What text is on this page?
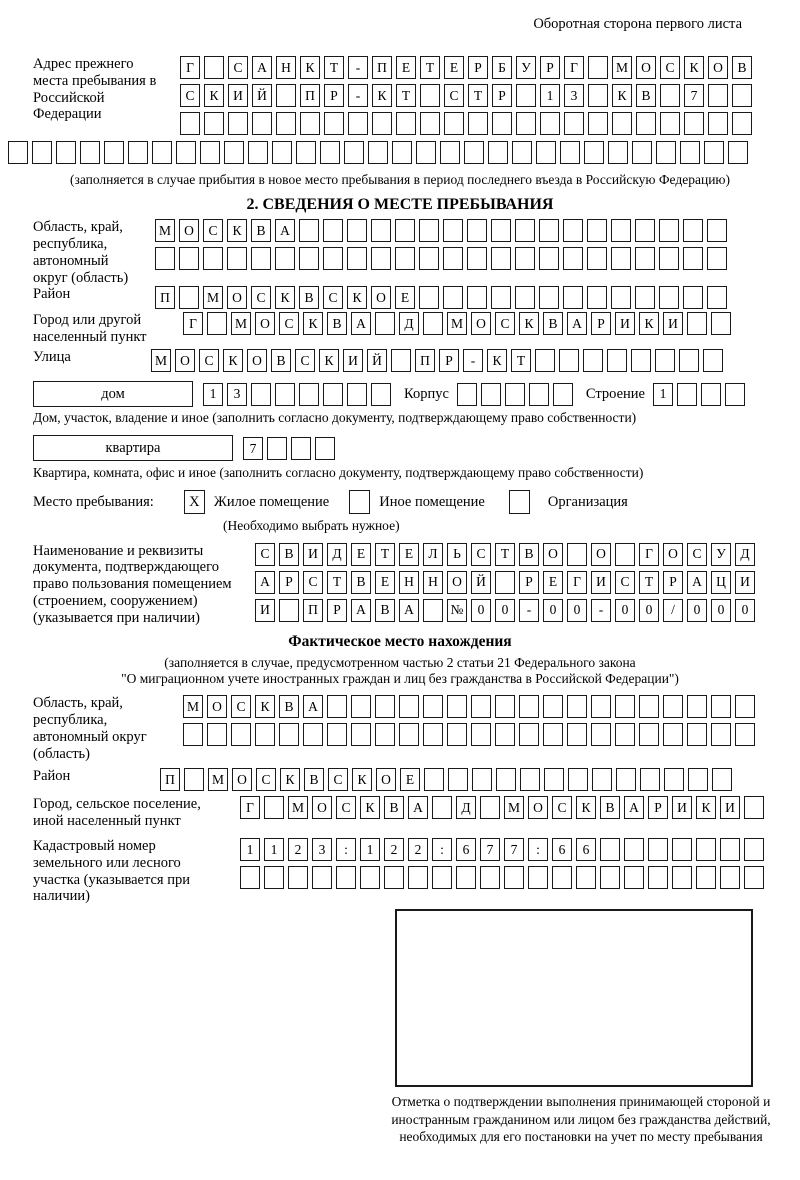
Оборотная сторона первого листа
Адрес прежнего места пребывания в Российской Федерации
Г	С	А	Н	К	Т	-	П	Е	Т	Е	Р	Б	У	Р	Г	М О	С	К	О	В
С	К	И	Й	П	Р	-	К	Т	С	Т	Р	1	3	К	В	7
(заполняется в случае прибытия в новое место пребывания в период последнего въезда в Российскую Федерацию)
2. СВЕДЕНИЯ О МЕСТЕ ПРЕБЫВАНИЯ
Область, край, республика, автономный округ (область)
М О	С	К	В	А
Район	П	М О	С	К	В	С	К	О	Е
Город или другой населенный пункт
Г	М О	С	К	В	А	Д	М О	С	К	В	А	Р	И	К	И
Улица	М О	С	К	О	В	С	К	И	Й	П	Р	-	К	Т
дом	1	3	Корпус	Строение	1
Дом, участок, владение и иное (заполнить согласно документу, подтверждающему право собственности)
квартира	7
Квартира, комната, офис и иное (заполнить согласно документу, подтверждающему право собственности)
Место пребывания:	X Жилое помещение	Иное помещение	Организация
(Необходимо выбрать нужное)
Наименование и реквизиты документа, подтверждающего право пользования помещением (строением, сооружением) (указывается при наличии)
С	В	И	Д	Е	Т	Е	Л	Ь	С	Т	В	О	О	Г	О	С	У	Д
А	Р	С	Т	В	Е	Н	Н	О	Й	Р	Е	Г	И	С	Т	Р	А	Ц	И
И	П	Р	А	В	А	№	0	0	-	0	0	-	0	0	/	0	0	0
Фактическое место нахождения
(заполняется в случае, предусмотренном частью 2 статьи 21 Федерального закона
"О миграционном учете иностранных граждан и лиц без гражданства в Российской Федерации")
Область, край, республика, автономный округ (область)
М О	С	К	В	А
Район	П	М О	С	К	В	С	К	О	Е
Город, сельское поселение, иной населенный пункт
Г	М О	С	К	В	А	Д	М О	С	К	В	А	Р	И	К	И
Кадастровый номер земельного или лесного участка (указывается при наличии)
1	1	2	3	:	1	2	2	:	6	7	7	:	6	6
Отметка о подтверждении выполнения принимающей стороной и иностранным гражданином или лицом без гражданства действий, необходимых для его постановки на учет по месту пребывания
